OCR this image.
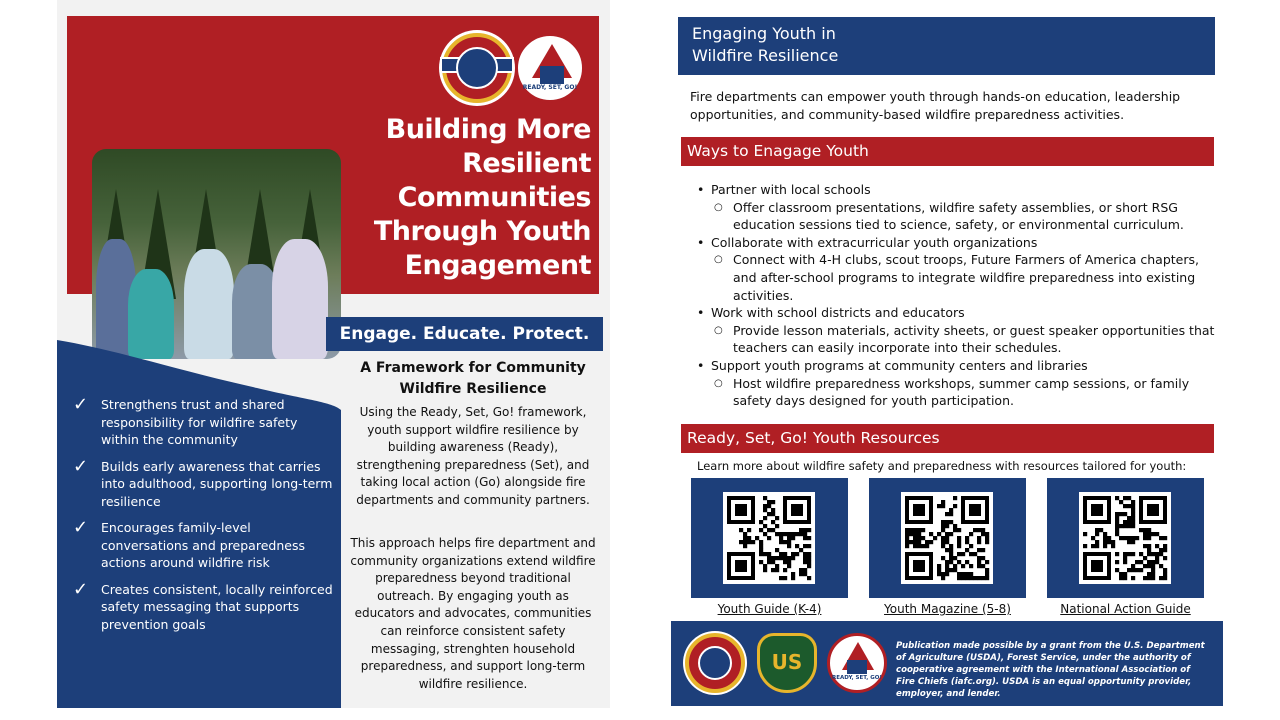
READY, SET, GO!
Building More
Resilient
Communities
Through Youth
Engagement
Engage. Educate. Protect.
✓	Strengthens trust and shared responsibility for wildfire safety within the community
✓	Builds early awareness that carries into adulthood, supporting long-term resilience
✓	Encourages family-level conversations and preparedness actions around wildfire risk
✓	Creates consistent, locally reinforced safety messaging that supports prevention goals
A Framework for Community
Wildfire Resilience
Using the Ready, Set, Go! framework, youth support wildfire resilience by building awareness (Ready), strengthening preparedness (Set), and taking local action (Go) alongside fire departments and community partners.
This approach helps fire department and community organizations extend wildfire preparedness beyond traditional outreach. By engaging youth as educators and advocates, communities can reinforce consistent safety messaging, strenghten household preparedness, and support long-term wildfire resilience.
Engaging Youth in
Wildfire Resilience
Fire departments can empower youth through hands-on education, leadership opportunities, and community-based wildfire preparedness activities.
Ways to Enagage Youth
• Partner with local schools
○ Offer classroom presentations, wildfire safety assemblies, or short RSG education sessions tied to science, safety, or environmental curriculum.
• Collaborate with extracurricular youth organizations
○ Connect with 4-H clubs, scout troops, Future Farmers of America chapters, and after-school programs to integrate wildfire preparedness into existing activities.
• Work with school districts and educators
○ Provide lesson materials, activity sheets, or guest speaker opportunities that teachers can easily incorporate into their schedules.
• Support youth programs at community centers and libraries
○ Host wildfire preparedness workshops, summer camp sessions, or family safety days designed for youth participation.
Ready, Set, Go! Youth Resources
Learn more about wildfire safety and preparedness with resources tailored for youth:
Youth Guide (K-4)	Youth Magazine (5-8)	National Action Guide
US
READY, SET, GO!
Publication made possible by a grant from the U.S. Department of Agriculture (USDA), Forest Service, under the authority of cooperative agreement with the International Association of Fire Chiefs (iafc.org). USDA is an equal opportunity provider, employer, and lender.
